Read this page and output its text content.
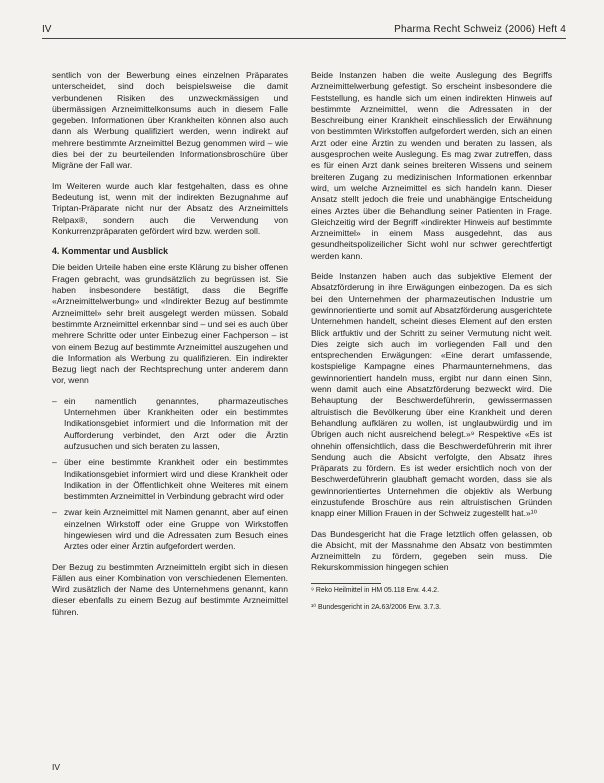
IV	Pharma Recht Schweiz (2006) Heft 4

sentlich von der Bewerbung eines einzelnen Präparates unterscheidet, sind doch beispielsweise die damit verbundenen Risiken des unzweckmässigen und übermässigen Arzneimittelkonsums auch in diesem Falle gegeben. Informationen über Krankheiten können also auch dann als Werbung qualifiziert werden, wenn indirekt auf mehrere bestimmte Arzneimittel Bezug genommen wird – wie dies bei der zu beurteilenden Informationsbroschüre über Migräne der Fall war.

Im Weiteren wurde auch klar festgehalten, dass es ohne Bedeutung ist, wenn mit der indirekten Bezugnahme auf Triptan-Präparate nicht nur der Absatz des Arzneimittels Relpax®, sondern auch die Verwendung von Konkurrenzpräparaten gefördert wird bzw. werden soll.

4. Kommentar und Ausblick

Die beiden Urteile haben eine erste Klärung zu bisher offenen Fragen gebracht, was grundsätzlich zu begrüssen ist. Sie haben insbesondere bestätigt, dass die Begriffe «Arzneimittelwerbung» und «Indirekter Bezug auf bestimmte Arzneimittel» sehr breit ausgelegt werden müssen. Sobald bestimmte Arzneimittel erkennbar sind – und sei es auch über mehrere Schritte oder unter Einbezug einer Fachperson – ist von einem Bezug auf bestimmte Arzneimittel auszugehen und die Information als Werbung zu qualifizieren. Ein indirekter Bezug liegt nach der Rechtsprechung unter anderem dann vor, wenn

– ein namentlich genanntes, pharmazeutisches Unternehmen über Krankheiten oder ein bestimmtes Indikationsgebiet informiert und die Information mit der Aufforderung verbindet, den Arzt oder die Ärztin aufzusuchen und sich beraten zu lassen,
– über eine bestimmte Krankheit oder ein bestimmtes Indikationsgebiet informiert wird und diese Krankheit oder Indikation in der Öffentlichkeit ohne Weiteres mit einem bestimmten Arzneimittel in Verbindung gebracht wird oder
– zwar kein Arzneimittel mit Namen genannt, aber auf einen einzelnen Wirkstoff oder eine Gruppe von Wirkstoffen hingewiesen wird und die Adressaten zum Besuch eines Arztes oder einer Ärztin aufgefordert werden.

Der Bezug zu bestimmten Arzneimitteln ergibt sich in diesen Fällen aus einer Kombination von verschiedenen Elementen. Wird zusätzlich der Name des Unternehmens genannt, kann dieser ebenfalls zu einem Bezug auf bestimmte Arzneimittel führen.

Beide Instanzen haben die weite Auslegung des Begriffs Arzneimittelwerbung gefestigt. So erscheint insbesondere die Feststellung, es handle sich um einen indirekten Hinweis auf bestimmte Arzneimittel, wenn die Adressaten in der Beschreibung einer Krankheit einschliesslich der Erwähnung von bestimmten Wirkstoffen aufgefordert werden, sich an einen Arzt oder eine Ärztin zu wenden und beraten zu lassen, als ausgesprochen weite Auslegung. Es mag zwar zutreffen, dass es für einen Arzt dank seines breiteren Wissens und seinem breiteren Zugang zu medizinischen Informationen erkennbar wird, um welche Arzneimittel es sich handeln kann. Dieser Ansatz stellt jedoch die freie und unabhängige Entscheidung eines Arztes über die Behandlung seiner Patienten in Frage. Gleichzeitig wird der Begriff «indirekter Hinweis auf bestimmte Arzneimittel» in einem Mass ausgedehnt, das aus gesundheitspolizeilicher Sicht wohl nur schwer gerechtfertigt werden kann.

Beide Instanzen haben auch das subjektive Element der Absatzförderung in ihre Erwägungen einbezogen. Da es sich bei den Unternehmen der pharmazeutischen Industrie um gewinnorientierte und somit auf Absatzförderung ausgerichtete Unternehmen handelt, scheint dieses Element auf den ersten Blick artfuktiv und der Schritt zu seiner Vermutung nicht weit. Dies zeigte sich auch im vorliegenden Fall und den entsprechenden Erwägungen: «Eine derart umfassende, kostspielige Kampagne eines Pharmaunternehmens, das gewinnorientiert handeln muss, ergibt nur dann einen Sinn, wenn damit auch eine Absatzförderung bezweckt wird. Die Behauptung der Beschwerdeführerin, gewissermassen altruistisch die Bevölkerung über eine Krankheit und deren Behandlung aufklären zu wollen, ist unglaubwürdig und im Übrigen auch nicht ausreichend belegt.»⁹ Respektive «Es ist ohnehin offensichtlich, dass die Beschwerdeführerin mit ihrer Sendung auch die Absicht verfolgte, den Absatz ihres Präparats zu fördern. Es ist weder ersichtlich noch von der Beschwerdeführerin glaubhaft gemacht worden, dass sie als gewinnorientiertes Unternehmen die objektiv als Werbung einzustufende Broschüre aus rein altruistischen Gründen knapp einer Million Frauen in der Schweiz zugestellt hat.»¹⁰

Das Bundesgericht hat die Frage letztlich offen gelassen, ob die Absicht, mit der Massnahme den Absatz von bestimmten Arzneimitteln zu fördern, gegeben sein muss. Die Rekurskommission hingegen schien

⁹ Reko Heilmittel in HM 05.118 Erw. 4.4.2.

¹⁰ Bundesgericht in 2A.63/2006 Erw. 3.7.3.

IV
